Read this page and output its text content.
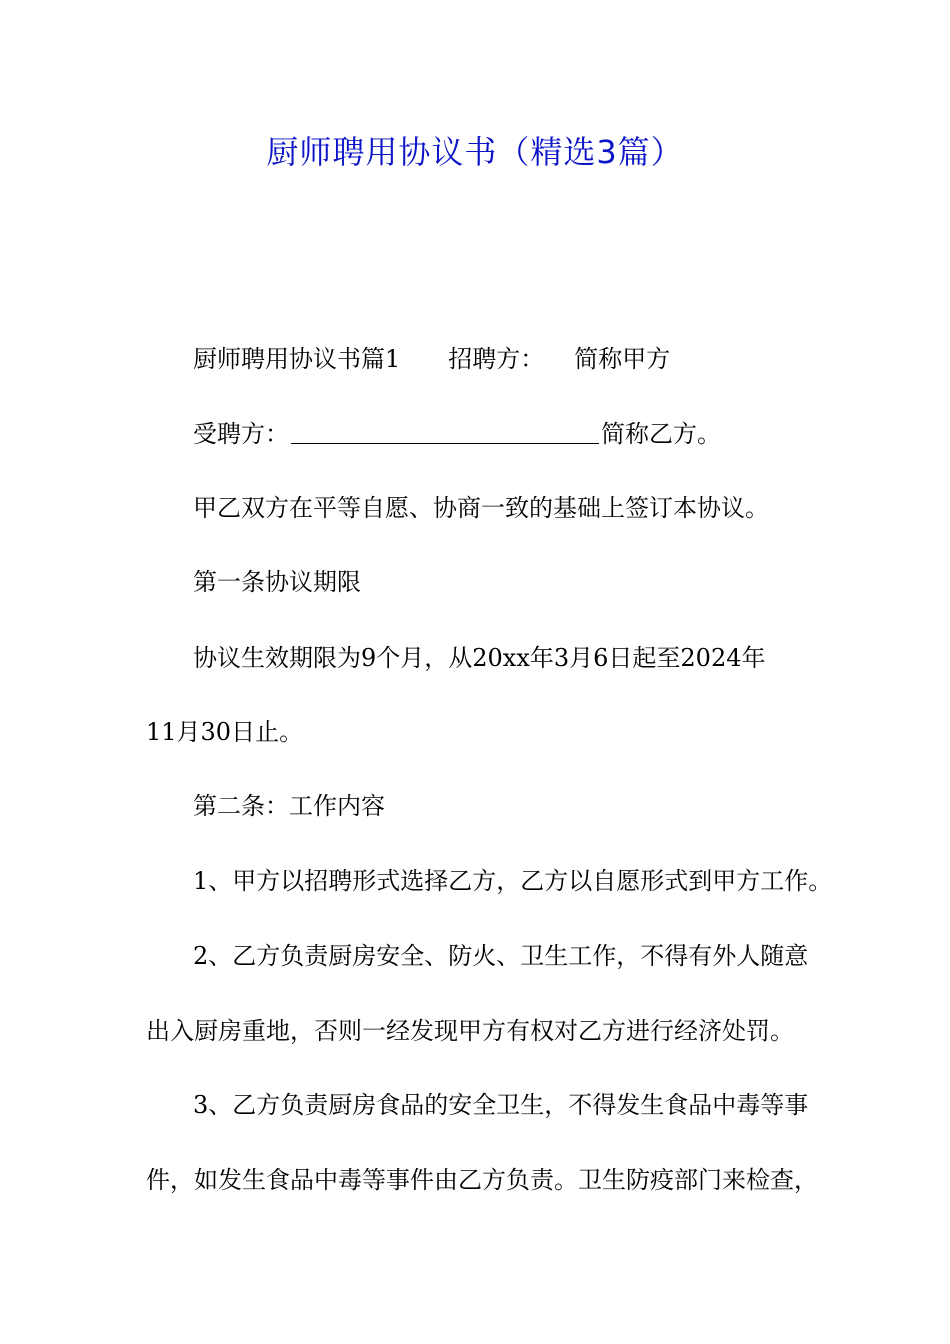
厨师聘用协议书（精选3篇）
厨师聘用协议书篇1 招聘方： 简称甲方
受聘方：	简称乙方。
甲乙双方在平等自愿、协商一致的基础上签订本协议。
第一条协议期限
协议生效期限为9个月，从20xx年3月6日起至2024年
11月30日止。
第二条：工作内容
1、甲方以招聘形式选择乙方，乙方以自愿形式到甲方工作。
2、乙方负责厨房安全、防火、卫生工作，不得有外人随意
出入厨房重地，否则一经发现甲方有权对乙方进行经济处罚。
3、乙方负责厨房食品的安全卫生，不得发生食品中毒等事
件，如发生食品中毒等事件由乙方负责。卫生防疫部门来检查，
